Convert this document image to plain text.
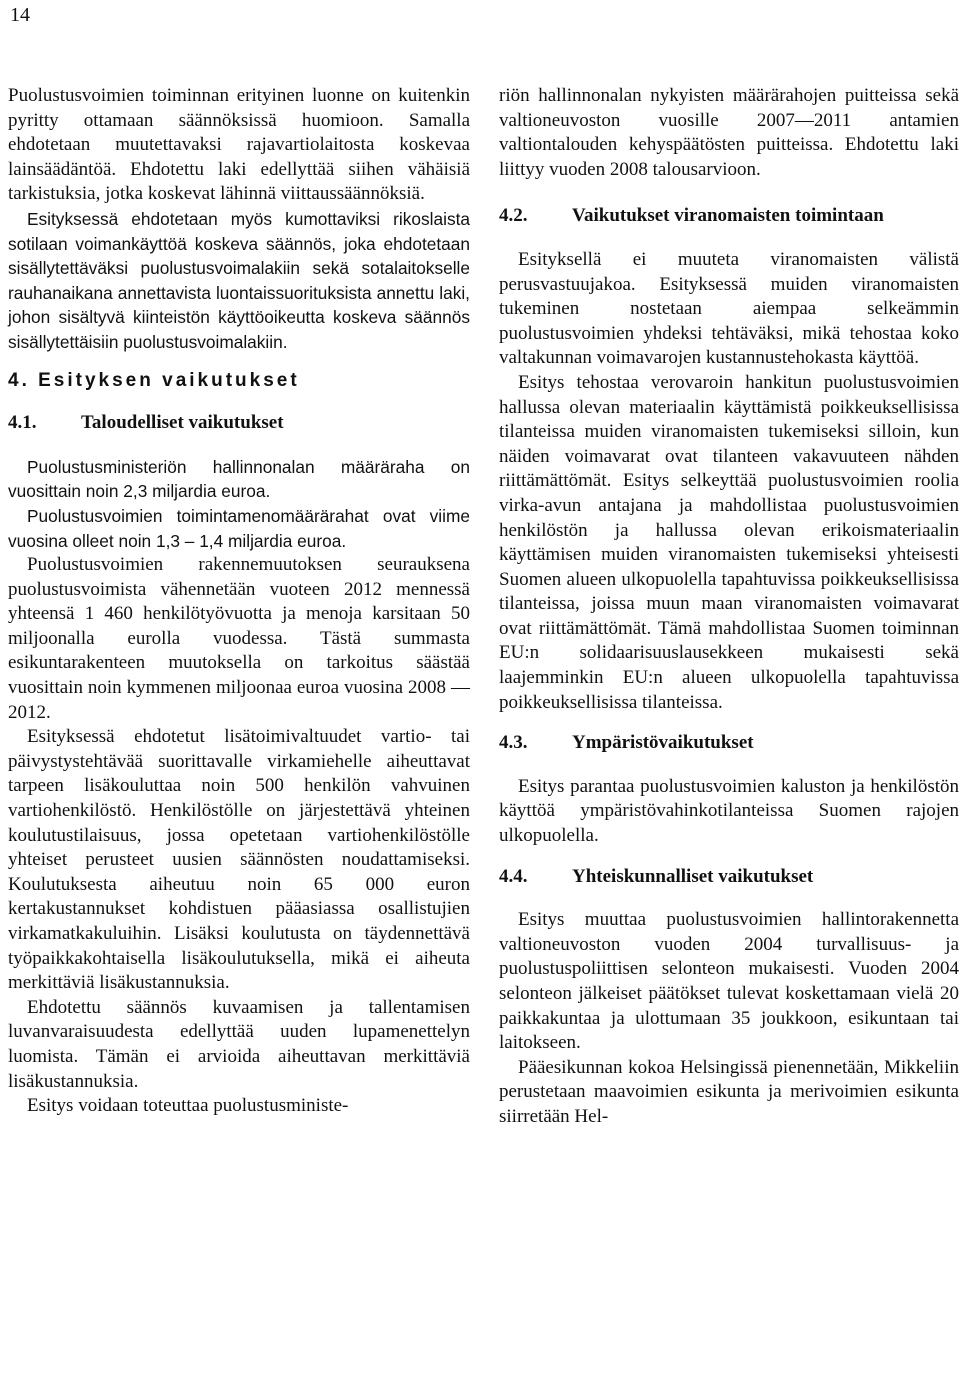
14

Puolustusvoimien toiminnan erityinen luonne on kuitenkin pyritty ottamaan säännöksissä huomioon. Samalla ehdotetaan muutettavaksi rajavartiolaitosta koskevaa lainsäädäntöä. Ehdotettu laki edellyttää siihen vähäisiä tarkistuksia, jotka koskevat lähinnä viittaussäännöksiä.

Esityksessä ehdotetaan myös kumottaviksi rikoslaista sotilaan voimankäyttöä koskeva säännös, joka ehdotetaan sisällytettäväksi puolustusvoimalakiin sekä sotalaitokselle rauhanaikana annettavista luontaissuorituksista annettu laki, johon sisältyvä kiinteistön käyttöoikeutta koskeva säännös sisällytettäisiin puolustusvoimalakiin.

4. Esityksen vaikutukset
4.1.	Taloudelliset vaikutukset

Puolustusministeriön hallinnonalan määräraha on vuosittain noin 2,3 miljardia euroa.

Puolustusvoimien toimintamenomäärärahat ovat viime vuosina olleet noin 1,3 – 1,4 miljardia euroa.

Puolustusvoimien rakennemuutoksen seurauksena puolustusvoimista vähennetään vuoteen 2012 mennessä yhteensä 1 460 henkilötyövuotta ja menoja karsitaan 50 miljoonalla eurolla vuodessa. Tästä summasta esikuntarakenteen muutoksella on tarkoitus säästää vuosittain noin kymmenen miljoonaa euroa vuosina 2008 —2012.

Esityksessä ehdotetut lisätoimivaltuudet vartio- tai päivystystehtävää suorittavalle virkamiehelle aiheuttavat tarpeen lisäkouluttaa noin 500 henkilön vahvuinen vartiohenkilöstö. Henkilöstölle on järjestettävä yhteinen koulutustilaisuus, jossa opetetaan vartiohenkilöstölle yhteiset perusteet uusien säännösten noudattamiseksi. Koulutuksesta aiheutuu noin 65 000 euron kertakustannukset kohdistuen pääasiassa osallistujien virkamatkakuluihin. Lisäksi koulutusta on täydennettävä työpaikkakohtaisella lisäkoulutuksella, mikä ei aiheuta merkittäviä lisäkustannuksia.

Ehdotettu säännös kuvaamisen ja tallentamisen luvanvaraisuudesta edellyttää uuden lupamenettelyn luomista. Tämän ei arvioida aiheuttavan merkittäviä lisäkustannuksia.

Esitys voidaan toteuttaa puolustusministe-

riön hallinnonalan nykyisten määrärahojen puitteissa sekä valtioneuvoston vuosille 2007—2011 antamien valtiontalouden kehyspäätösten puitteissa. Ehdotettu laki liittyy vuoden 2008 talousarvioon.

4.2.	Vaikutukset viranomaisten toimintaan

Esityksellä ei muuteta viranomaisten välistä perusvastuujakoa. Esityksessä muiden viranomaisten tukeminen nostetaan aiempaa selkeämmin puolustusvoimien yhdeksi tehtäväksi, mikä tehostaa koko valtakunnan voimavarojen kustannustehokasta käyttöä.

Esitys tehostaa verovaroin hankitun puolustusvoimien hallussa olevan materiaalin käyttämistä poikkeuksellisissa tilanteissa muiden viranomaisten tukemiseksi silloin, kun näiden voimavarat ovat tilanteen vakavuuteen nähden riittämättömät. Esitys selkeyttää puolustusvoimien roolia virka-avun antajana ja mahdollistaa puolustusvoimien henkilöstön ja hallussa olevan erikoismateriaalin käyttämisen muiden viranomaisten tukemiseksi yhteisesti Suomen alueen ulkopuolella tapahtuvissa poikkeuksellisissa tilanteissa, joissa muun maan viranomaisten voimavarat ovat riittämättömät. Tämä mahdollistaa Suomen toiminnan EU:n solidaarisuuslausekkeen mukaisesti sekä laajemminkin EU:n alueen ulkopuolella tapahtuvissa poikkeuksellisissa tilanteissa.

4.3.	Ympäristövaikutukset

Esitys parantaa puolustusvoimien kaluston ja henkilöstön käyttöä ympäristövahinkotilanteissa Suomen rajojen ulkopuolella.

4.4.	Yhteiskunnalliset vaikutukset

Esitys muuttaa puolustusvoimien hallintorakennetta valtioneuvoston vuoden 2004 turvallisuus- ja puolustuspoliittisen selonteon mukaisesti. Vuoden 2004 selonteon jälkeiset päätökset tulevat koskettamaan vielä 20 paikkakuntaa ja ulottumaan 35 joukkoon, esikuntaan tai laitokseen.

Pääesikunnan kokoa Helsingissä pienennetään, Mikkeliin perustetaan maavoimien esikunta ja merivoimien esikunta siirretään Hel-
